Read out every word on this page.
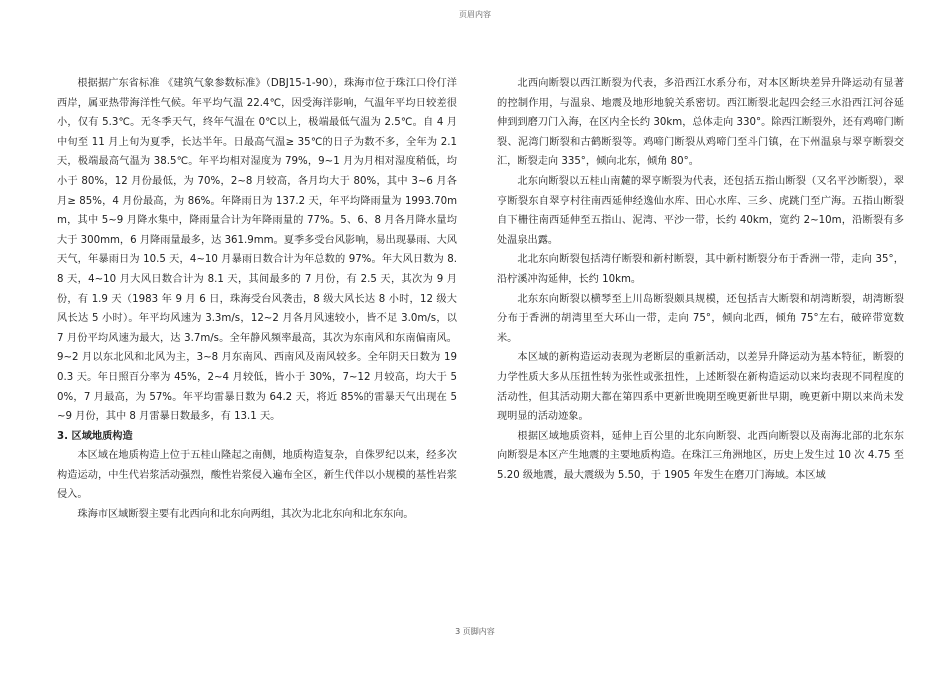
页眉内容

根据据广东省标准 《建筑气象参数标准》（DBJ15-1-90），珠海市位于珠江口伶仃洋西岸，属亚热带海洋性气候。年平均气温 22.4℃，因受海洋影响，气温年平均日较差很小，仅有 5.3℃。无冬季天气，终年气温在 0℃以上，极端最低气温为 2.5℃。自 4 月中旬至 11 月上旬为夏季，长达半年。日最高气温≥ 35℃的日子为数不多，全年为 2.1 天，极端最高气温为 38.5℃。年平均相对湿度为 79%，9~1 月为月相对湿度稍低，均小于 80%，12 月份最低，为 70%，2~8 月较高，各月均大于 80%，其中 3~6 月各月≥ 85%，4 月份最高，为 86%。年降雨日为 137.2 天，年平均降雨量为 1993.70mm，其中 5~9 月降水集中，降雨量合计为年降雨量的 77%。5、6、8 月各月降水量均大于 300mm，6 月降雨量最多，达 361.9mm。夏季多受台风影响，易出现暴雨、大风天气，年暴雨日为 10.5 天，4~10 月暴雨日数合计为年总数的 97%。年大风日数为 8.8 天，4~10 月大风日数合计为 8.1 天，其间最多的 7 月份，有 2.5 天，其次为 9 月份，有 1.9 天（1983 年 9 月 6 日，珠海受台风袭击，8 级大风长达 8 小时，12 级大风长达 5 小时）。年平均风速为 3.3m/s，12~2 月各月风速较小，皆不足 3.0m/s，以 7 月份平均风速为最大，达 3.7m/s。全年静风频率最高，其次为东南风和东南偏南风。9~2 月以东北风和北风为主，3~8 月东南风、西南风及南风较多。全年阴天日数为 190.3 天。年日照百分率为 45%，2~4 月较低，皆小于 30%，7~12 月较高，均大于 50%，7 月最高，为 57%。年平均雷暴日数为 64.2 天，将近 85%的雷暴天气出现在 5~9 月份，其中 8 月雷暴日数最多，有 13.1 天。

3. 区域地质构造

本区域在地质构造上位于五桂山隆起之南侧，地质构造复杂，自侏罗纪以来，经多次构造运动，中生代岩浆活动强烈，酸性岩浆侵入遍布全区，新生代伴以小规模的基性岩浆侵入。

珠海市区域断裂主要有北西向和北东向两组，其次为北北东向和北东东向。

北西向断裂以西江断裂为代表，多沿西江水系分布，对本区断块差异升降运动有显著的控制作用，与温泉、地震及地形地貌关系密切。西江断裂北起四会经三水沿西江河谷延伸到到磨刀门入海，在区内全长约 30km，总体走向 330°。除西江断裂外，还有鸡啼门断裂、泥湾门断裂和古鹤断裂等。鸡啼门断裂从鸡啼门至斗门镇，在下州温泉与翠亨断裂交汇，断裂走向 335°，倾向北东，倾角 80°。

北东向断裂以五桂山南麓的翠亨断裂为代表，还包括五指山断裂（又名平沙断裂），翠亨断裂东自翠亨村往南西延伸经逸仙水库、田心水库、三乡、虎跳门至广海。五指山断裂自下栅往南西延伸至五指山、泥湾、平沙一带，长约 40km，宽约 2~10m，沿断裂有多处温泉出露。

北北东向断裂包括湾仔断裂和新村断裂，其中新村断裂分布于香洲一带，走向 35°，沿柠溪冲沟延伸，长约 10km。

北东东向断裂以横琴至上川岛断裂颇具规模，还包括吉大断裂和胡湾断裂，胡湾断裂分布于香洲的胡湾里至大环山一带，走向 75°，倾向北西，倾角 75°左右，破碎带宽数米。

本区域的新构造运动表现为老断层的重新活动，以差异升降运动为基本特征，断裂的力学性质大多从压扭性转为张性或张扭性，上述断裂在新构造运动以来均表现不同程度的活动性，但其活动期大都在第四系中更新世晚期至晚更新世早期，晚更新中期以来尚未发现明显的活动迹象。

根据区域地质资料，延伸上百公里的北东向断裂、北西向断裂以及南海北部的北东东向断裂是本区产生地震的主要地质构造。在珠江三角洲地区，历史上发生过 10 次 4.75 至 5.20 级地震，最大震级为 5.50，于 1905 年发生在磨刀门海域。本区域

3 页脚内容
